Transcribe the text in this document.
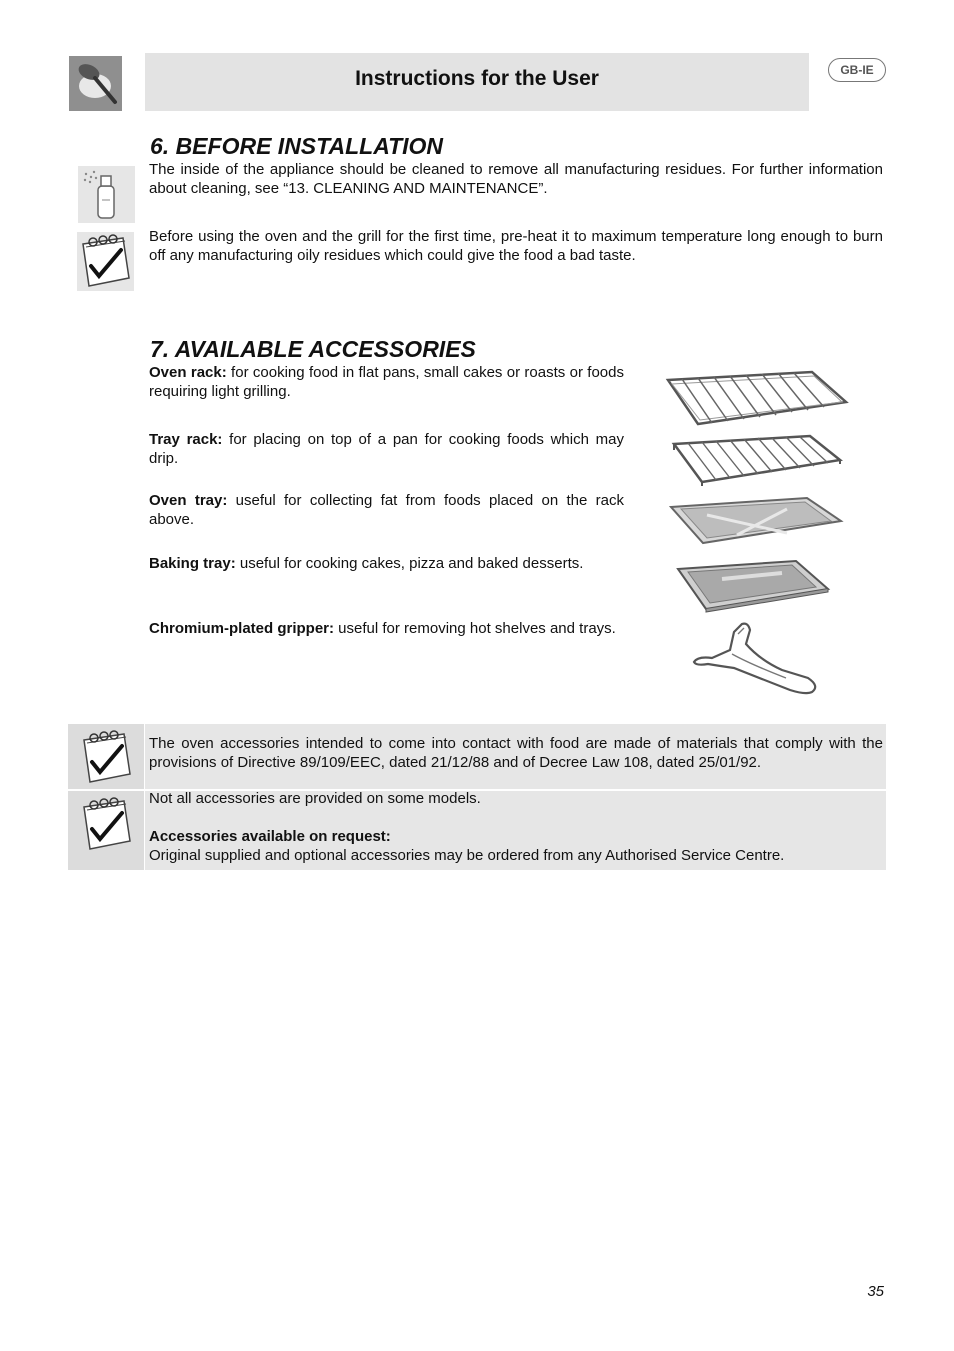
Instructions for the User	GB-IE
6. BEFORE INSTALLATION
The inside of the appliance should be cleaned to remove all manufacturing residues. For further information about cleaning, see “13. CLEANING AND MAINTENANCE”.
Before using the oven and the grill for the first time, pre-heat it to maximum temperature long enough to burn off any manufacturing oily residues which could give the food a bad taste.
7. AVAILABLE ACCESSORIES
Oven rack: for cooking food in flat pans, small cakes or roasts or foods requiring light grilling.
Tray rack: for placing on top of a pan for cooking foods which may drip.
Oven tray: useful for collecting fat from foods placed on the rack above.
Baking tray: useful for cooking cakes, pizza and baked desserts.
Chromium-plated gripper: useful for removing hot shelves and trays.
The oven accessories intended to come into contact with food are made of materials that comply with the provisions of Directive 89/109/EEC, dated 21/12/88 and of Decree Law 108, dated 25/01/92.
Not all accessories are provided on some models.
Accessories available on request:
Original supplied and optional accessories may be ordered from any Authorised Service Centre.
35
